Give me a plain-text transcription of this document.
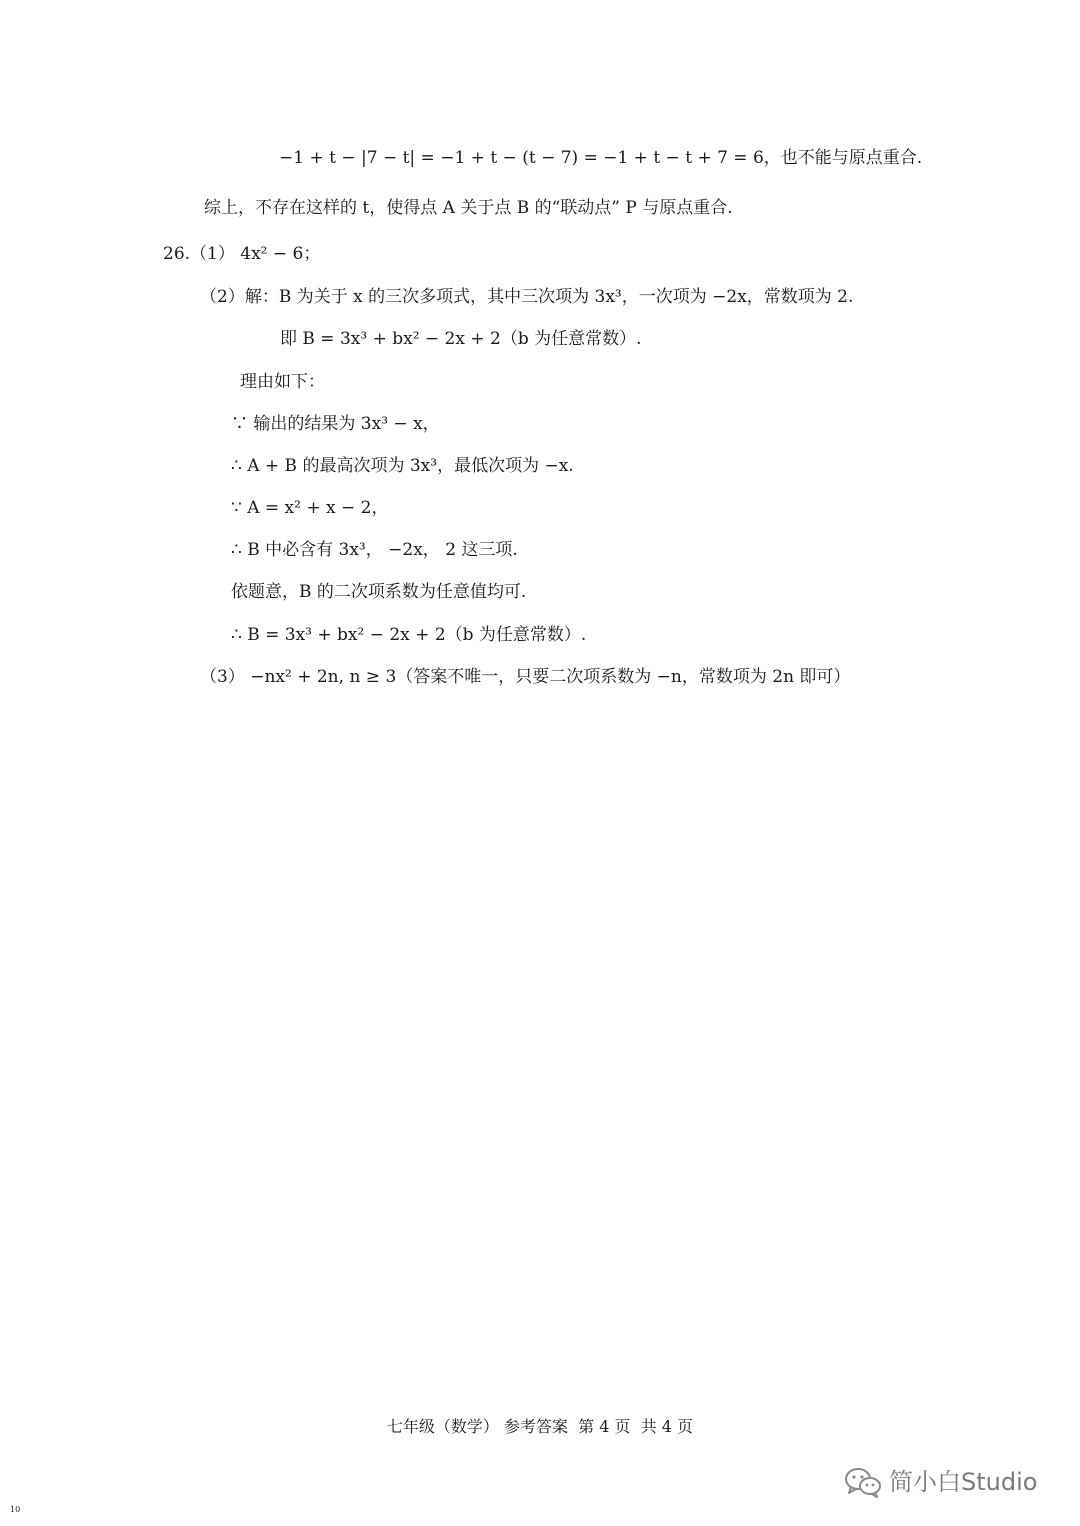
−1 + t − |7 − t| = −1 + t − (t − 7) = −1 + t − t + 7 = 6，也不能与原点重合.
综上，不存在这样的 t，使得点 A 关于点 B 的“联动点” P 与原点重合.
26.（1） 4x² − 6；
（2）解：B 为关于 x 的三次多项式，其中三次项为 3x³，一次项为 −2x，常数项为 2.
即 B = 3x³ + bx² − 2x + 2（b 为任意常数）.
理由如下：
∵ 输出的结果为 3x³ − x，
∴ A + B 的最高次项为 3x³，最低次项为 −x.
∵ A = x² + x − 2，
∴ B 中必含有 3x³， −2x， 2 这三项.
依题意，B 的二次项系数为任意值均可.
∴ B = 3x³ + bx² − 2x + 2（b 为任意常数）.
（3） −nx² + 2n, n ≥ 3（答案不唯一，只要二次项系数为 −n，常数项为 2n 即可）
七年级（数学） 参考答案  第 4 页  共 4 页
10
简小白Studio
